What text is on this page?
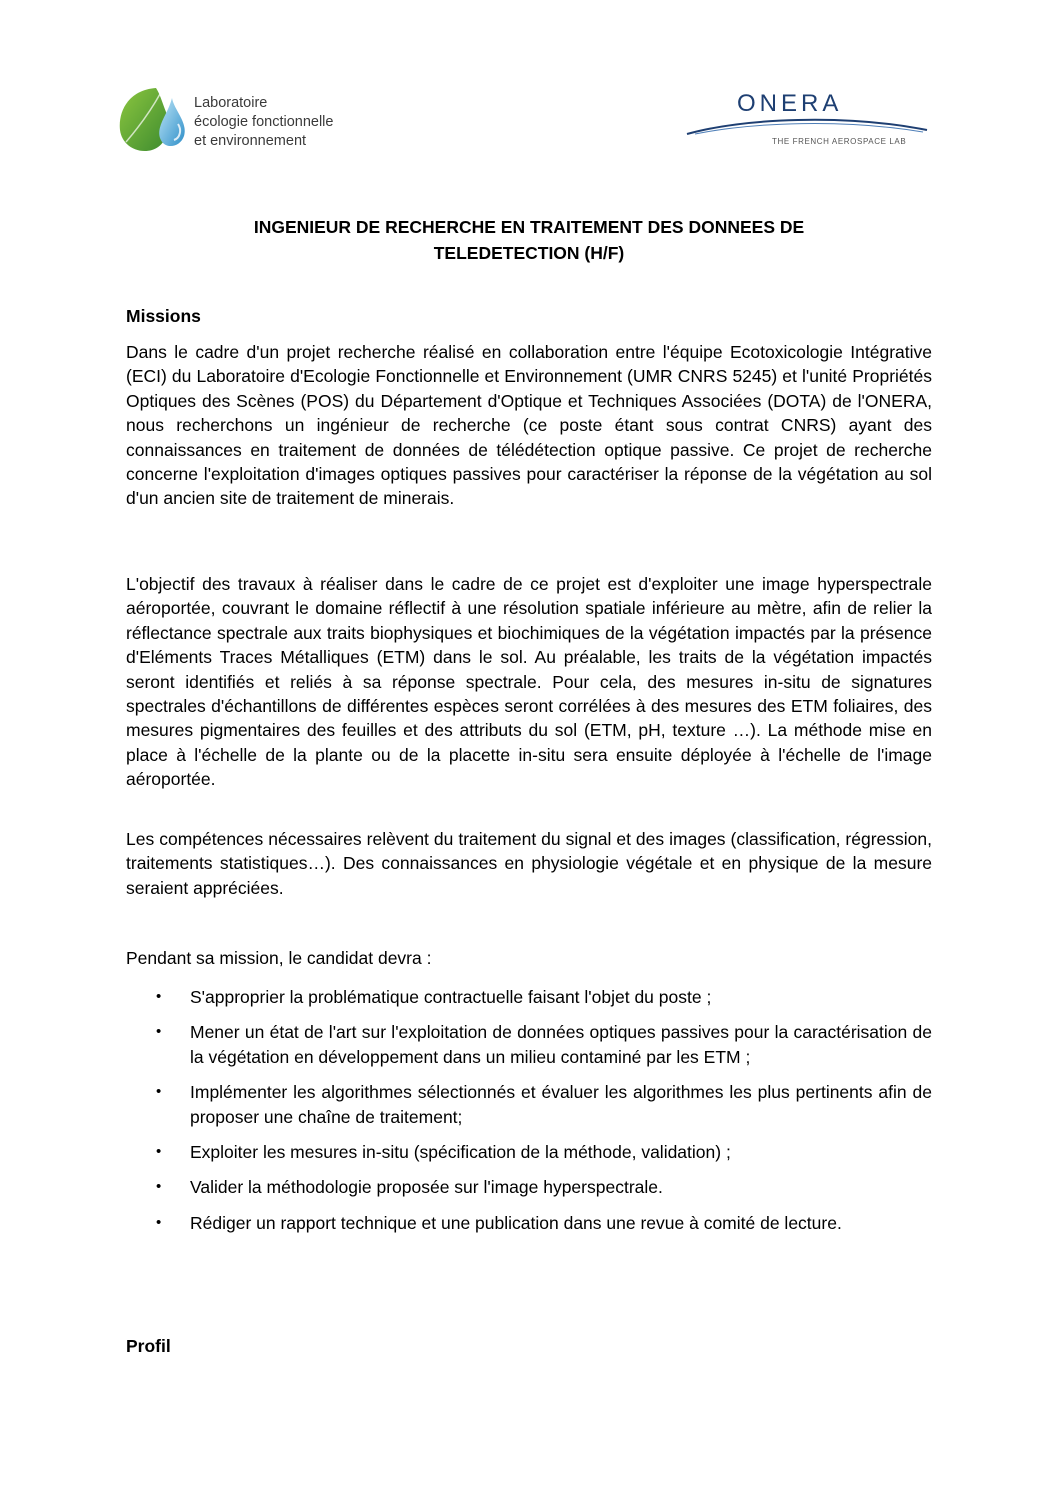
Laboratoire
écologie fonctionnelle
et environnement
ONERA
THE FRENCH AEROSPACE LAB
INGENIEUR DE RECHERCHE EN TRAITEMENT DES DONNEES DE
TELEDETECTION (H/F)
Missions

Dans le cadre d'un projet recherche réalisé en collaboration entre l'équipe Ecotoxicologie Intégrative (ECI) du Laboratoire d'Ecologie Fonctionnelle et Environnement (UMR CNRS 5245) et l'unité Propriétés Optiques des Scènes (POS) du Département d'Optique et Techniques Associées (DOTA) de l'ONERA, nous recherchons un ingénieur de recherche (ce poste étant sous contrat CNRS) ayant des connaissances en traitement de données de télédétection optique passive. Ce projet de recherche concerne l'exploitation d'images optiques passives pour caractériser la réponse de la végétation au sol d'un ancien site de traitement de minerais.

L'objectif des travaux à réaliser dans le cadre de ce projet est d'exploiter une image hyperspectrale aéroportée, couvrant le domaine réflectif à une résolution spatiale inférieure au mètre, afin de relier la réflectance spectrale aux traits biophysiques et biochimiques de la végétation impactés par la présence d'Eléments Traces Métalliques (ETM) dans le sol. Au préalable, les traits de la végétation impactés seront identifiés et reliés à sa réponse spectrale. Pour cela, des mesures in-situ de signatures spectrales d'échantillons de différentes espèces seront corrélées à des mesures des ETM foliaires, des mesures pigmentaires des feuilles et des attributs du sol (ETM, pH, texture …). La méthode mise en place à l'échelle de la plante ou de la placette in-situ sera ensuite déployée à l'échelle de l'image aéroportée.

Les compétences nécessaires relèvent du traitement du signal et des images (classification, régression, traitements statistiques…). Des connaissances en physiologie végétale et en physique de la mesure seraient appréciées.

Pendant sa mission, le candidat devra :

• S'approprier la problématique contractuelle faisant l'objet du poste ;
• Mener un état de l'art sur l'exploitation de données optiques passives pour la caractérisation de la végétation en développement dans un milieu contaminé par les ETM ;
• Implémenter les algorithmes sélectionnés et évaluer les algorithmes les plus pertinents afin de proposer une chaîne de traitement;
• Exploiter les mesures in-situ (spécification de la méthode, validation) ;
• Valider la méthodologie proposée sur l'image hyperspectrale.
• Rédiger un rapport technique et une publication dans une revue à comité de lecture.
Profil
